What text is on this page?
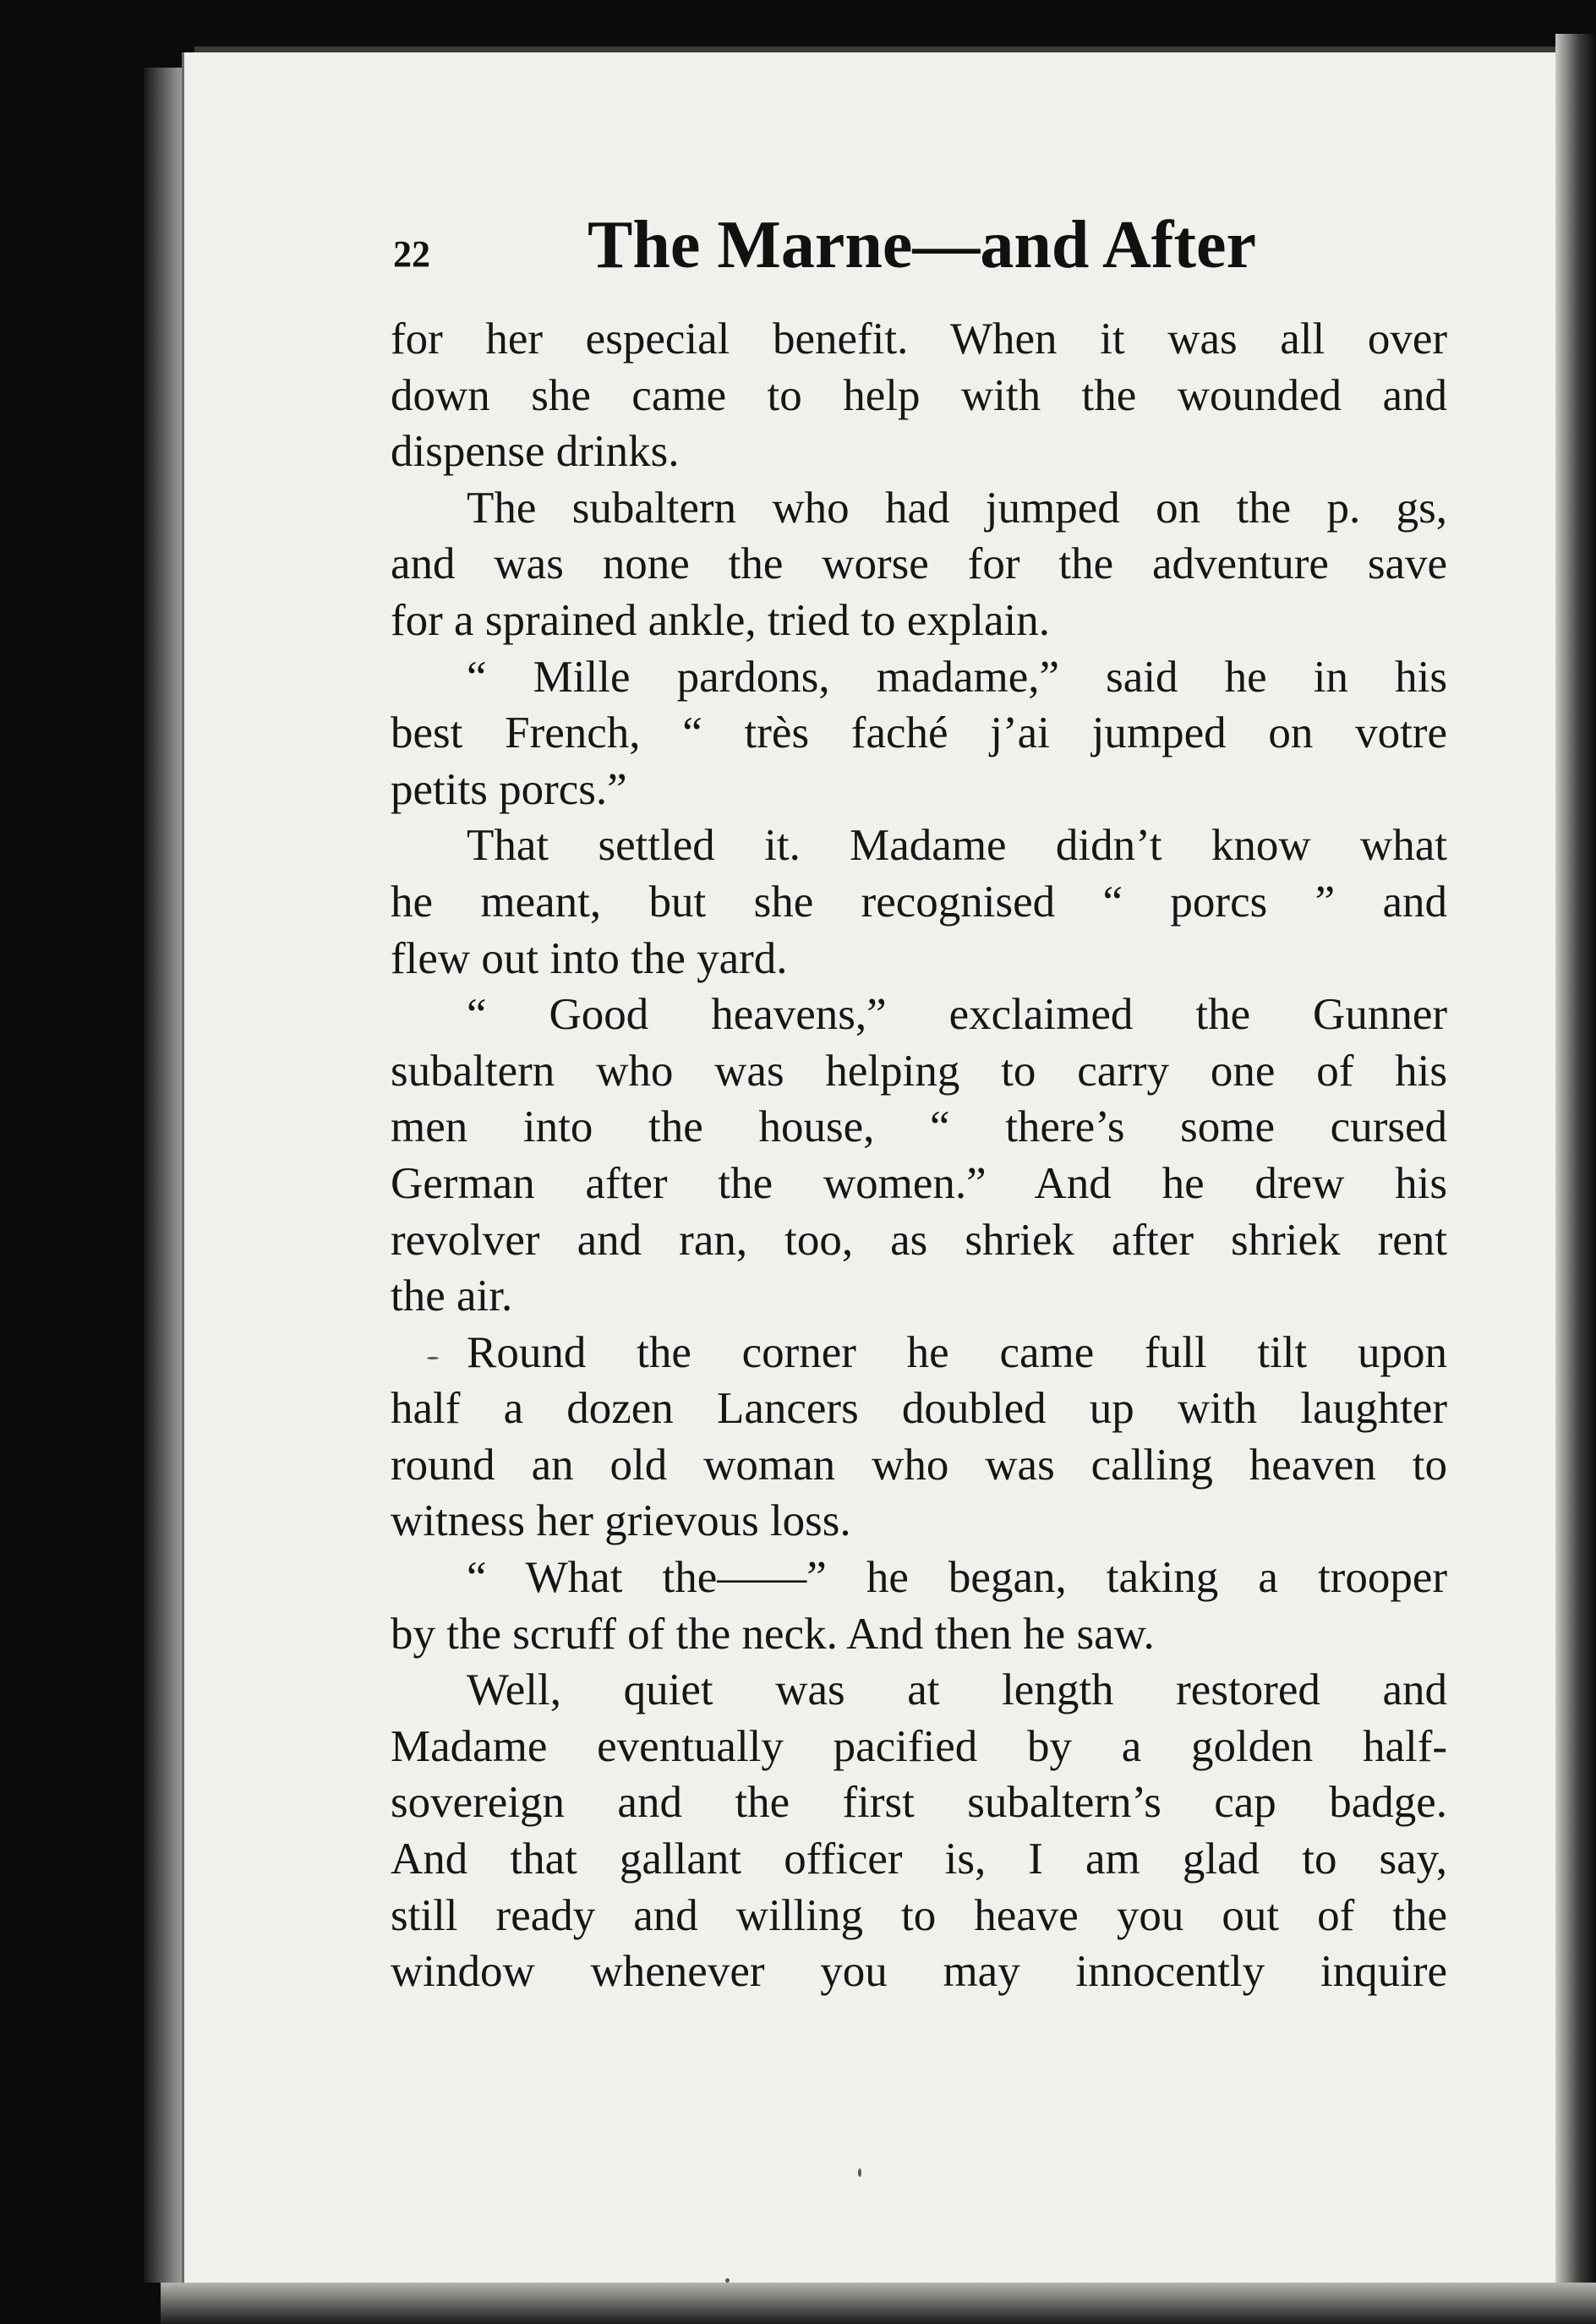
22 The Marne—and After
for her especial benefit. When it was all over
down she came to help with the wounded and
dispense drinks.
The subaltern who had jumped on the p. gs,
and was none the worse for the adventure save
for a sprained ankle, tried to explain.
“ Mille pardons, madame,” said he in his
best French, “ très faché j’ai jumped on votre
petits porcs.”
That settled it. Madame didn’t know what
he meant, but she recognised “ porcs ” and
flew out into the yard.
“ Good heavens,” exclaimed the Gunner
subaltern who was helping to carry one of his
men into the house, “ there’s some cursed
German after the women.” And he drew his
revolver and ran, too, as shriek after shriek rent
the air.
Round the corner he came full tilt upon
half a dozen Lancers doubled up with laughter
round an old woman who was calling heaven to
witness her grievous loss.
“ What the——” he began, taking a trooper
by the scruff of the neck. And then he saw.
Well, quiet was at length restored and
Madame eventually pacified by a golden half-
sovereign and the first subaltern’s cap badge.
And that gallant officer is, I am glad to say,
still ready and willing to heave you out of the
window whenever you may innocently inquire
